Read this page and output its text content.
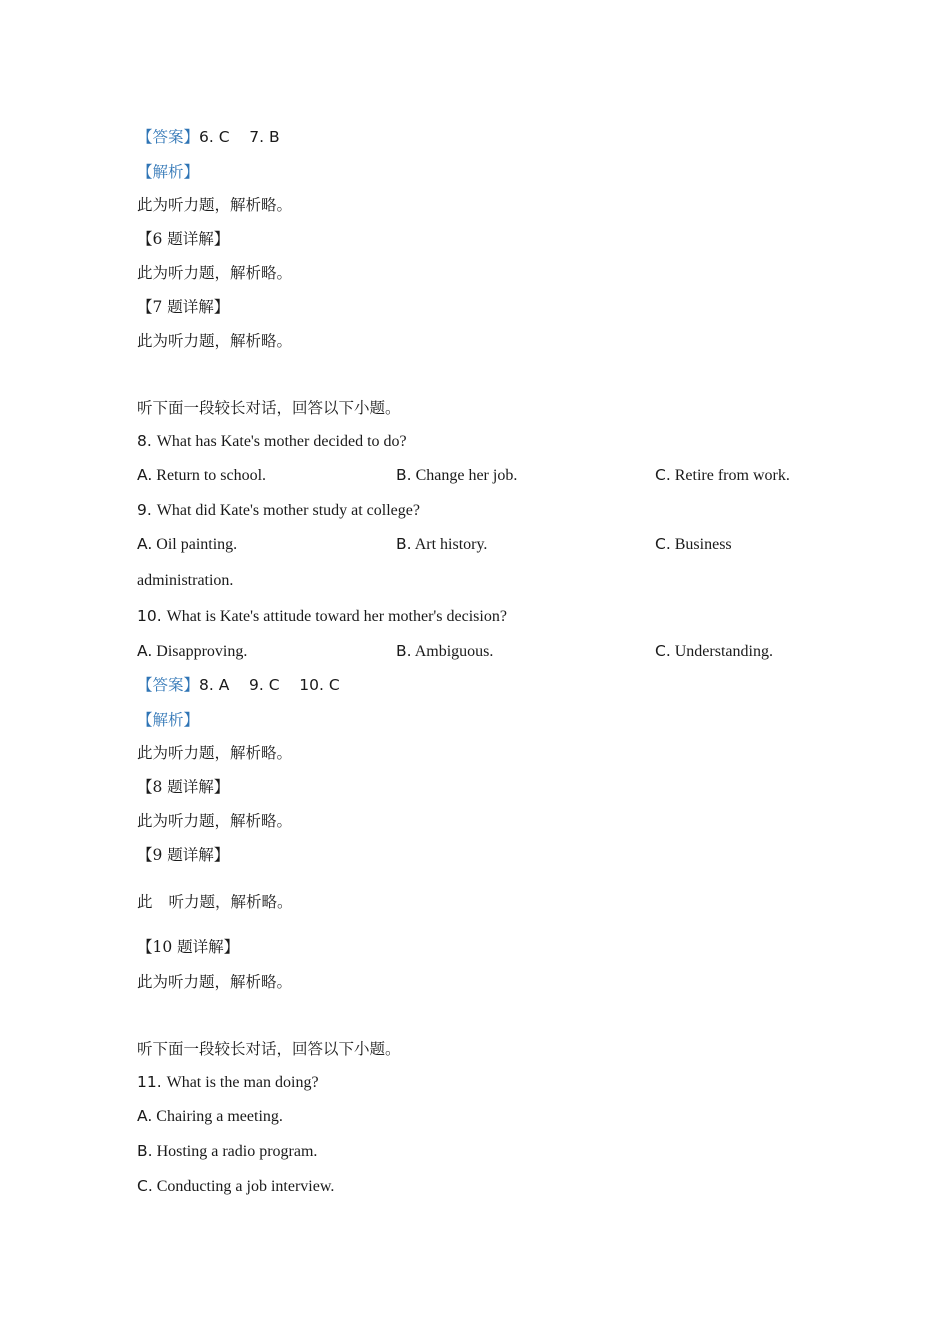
【答案】6. C    7. B
【解析】
此为听力题，解析略。
【6 题详解】
此为听力题，解析略。
【7 题详解】
此为听力题，解析略。
听下面一段较长对话，回答以下小题。
8. What has Kate's mother decided to do?
A. Return to school.	B. Change her job.	C. Retire from work.
9. What did Kate's mother study at college?
A. Oil painting.	B. Art history.	C. Business
administration.
10. What is Kate's attitude toward her mother's decision?
A. Disapproving.	B. Ambiguous.	C. Understanding.
【答案】8. A    9. C    10. C
【解析】
此为听力题，解析略。
【8 题详解】
此为听力题，解析略。
【9 题详解】
此 听力题，解析略。
【10 题详解】
此为听力题，解析略。
听下面一段较长对话，回答以下小题。
11. What is the man doing?
A. Chairing a meeting.
B. Hosting a radio program.
C. Conducting a job interview.
